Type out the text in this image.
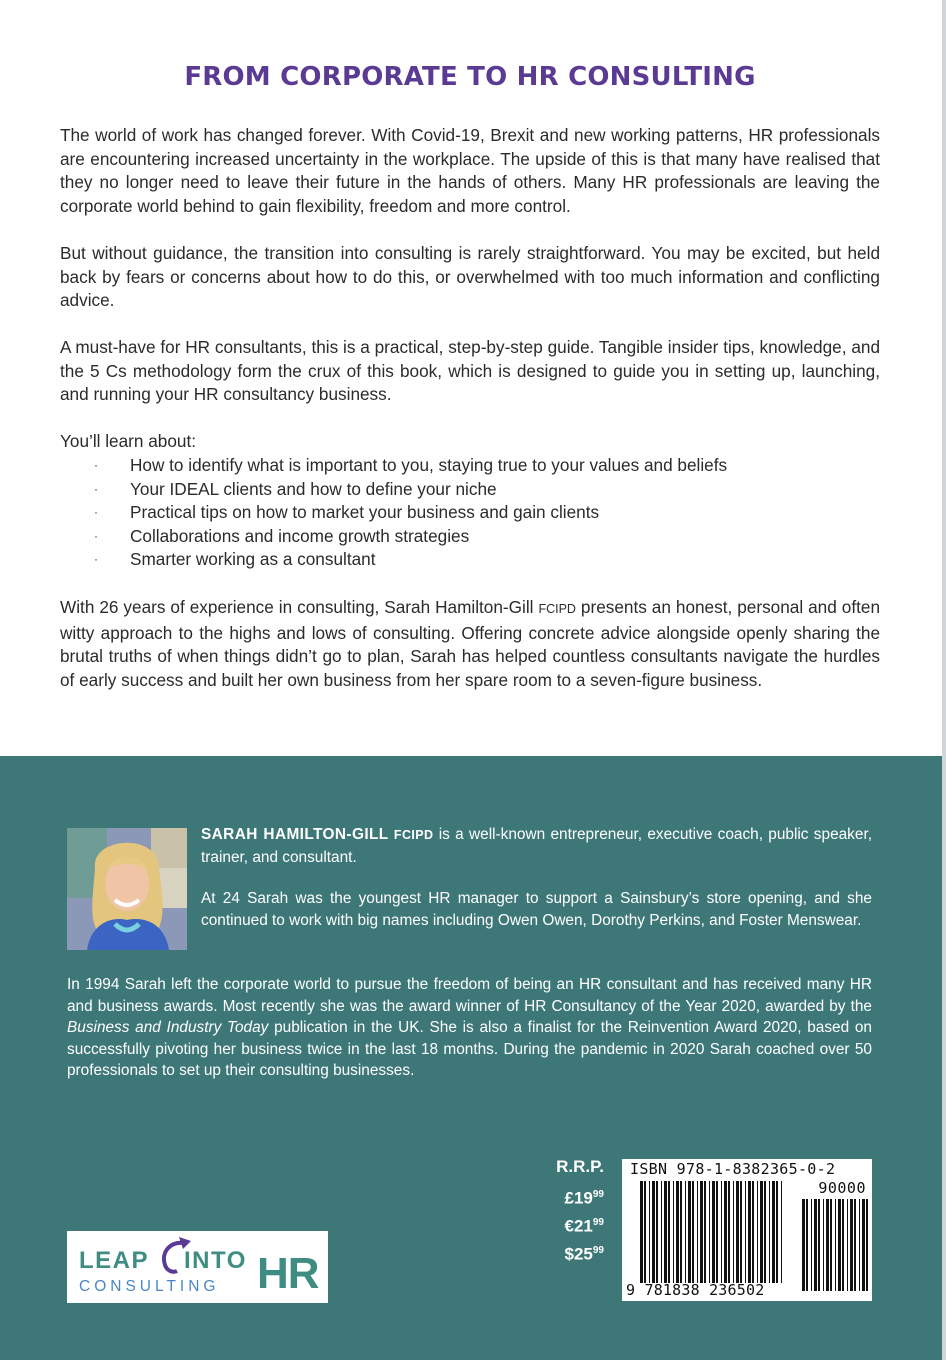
FROM CORPORATE TO HR CONSULTING

The world of work has changed forever. With Covid-19, Brexit and new working patterns, HR professionals are encountering increased uncertainty in the workplace. The upside of this is that many have realised that they no longer need to leave their future in the hands of others. Many HR professionals are leaving the corporate world behind to gain flexibility, freedom and more control.

But without guidance, the transition into consulting is rarely straightforward. You may be excited, but held back by fears or concerns about how to do this, or overwhelmed with too much information and conflicting advice.

A must-have for HR consultants, this is a practical, step-by-step guide. Tangible insider tips, knowledge, and the 5 Cs methodology form the crux of this book, which is designed to guide you in setting up, launching, and running your HR consultancy business.

You’ll learn about:

· How to identify what is important to you, staying true to your values and beliefs
· Your IDEAL clients and how to define your niche
· Practical tips on how to market your business and gain clients
· Collaborations and income growth strategies
· Smarter working as a consultant

With 26 years of experience in consulting, Sarah Hamilton-Gill FCIPD presents an honest, personal and often witty approach to the highs and lows of consulting. Offering concrete advice alongside openly sharing the brutal truths of when things didn’t go to plan, Sarah has helped countless consultants navigate the hurdles of early success and built her own business from her spare room to a seven-figure business.

SARAH HAMILTON-GILL FCIPD is a well-known entrepreneur, executive coach, public speaker, trainer, and consultant.

At 24 Sarah was the youngest HR manager to support a Sainsbury’s store opening, and she continued to work with big names including Owen Owen, Dorothy Perkins, and Foster Menswear.

In 1994 Sarah left the corporate world to pursue the freedom of being an HR consultant and has received many HR and business awards. Most recently she was the award winner of HR Consultancy of the Year 2020, awarded by the Business and Industry Today publication in the UK. She is also a finalist for the Reinvention Award 2020, based on successfully pivoting her business twice in the last 18 months. During the pandemic in 2020 Sarah coached over 50 professionals to set up their consulting businesses.

R.R.P.
$£19^{99}$
$€21^{99}$
$\$25^{99}$
ISBN 978-1-8382365-0-2
90000
9 781838 236502
LEAP INTO
CONSULTING HR
